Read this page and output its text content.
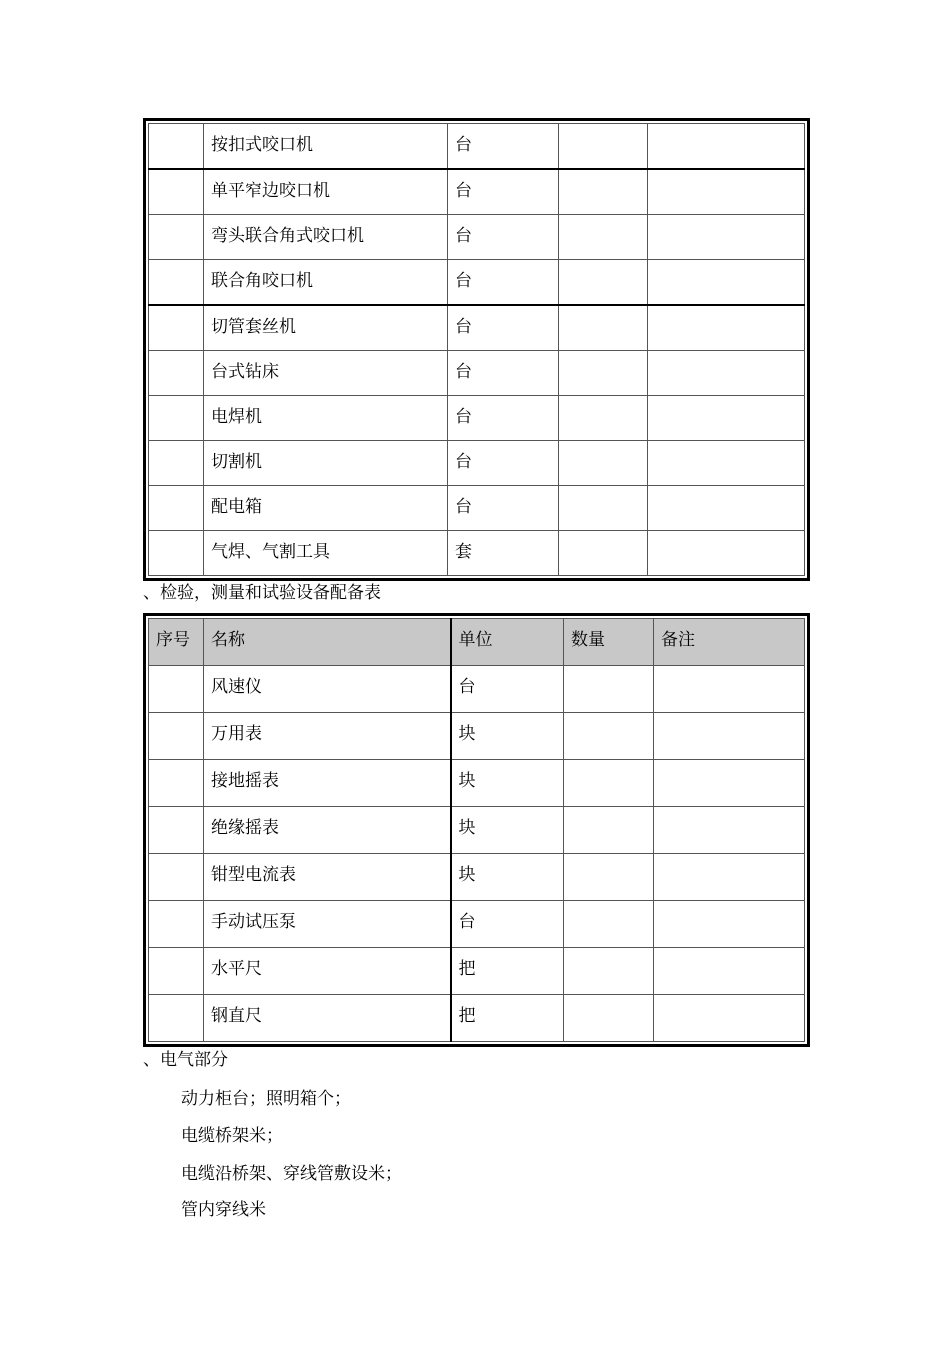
	按扣式咬口机	台		
	单平窄边咬口机	台		
	弯头联合角式咬口机	台		
	联合角咬口机	台		
	切管套丝机	台		
	台式钻床	台		
	电焊机	台		
	切割机	台		
	配电箱	台		
	气焊、气割工具	套		
、检验，测量和试验设备配备表
序号	名称	单位	数量	备注
	风速仪	台		
	万用表	块		
	接地摇表	块		
	绝缘摇表	块		
	钳型电流表	块		
	手动试压泵	台		
	水平尺	把		
	钢直尺	把		
、电气部分
动力柜台；照明箱个；
电缆桥架米；
电缆沿桥架、穿线管敷设米；
管内穿线米
